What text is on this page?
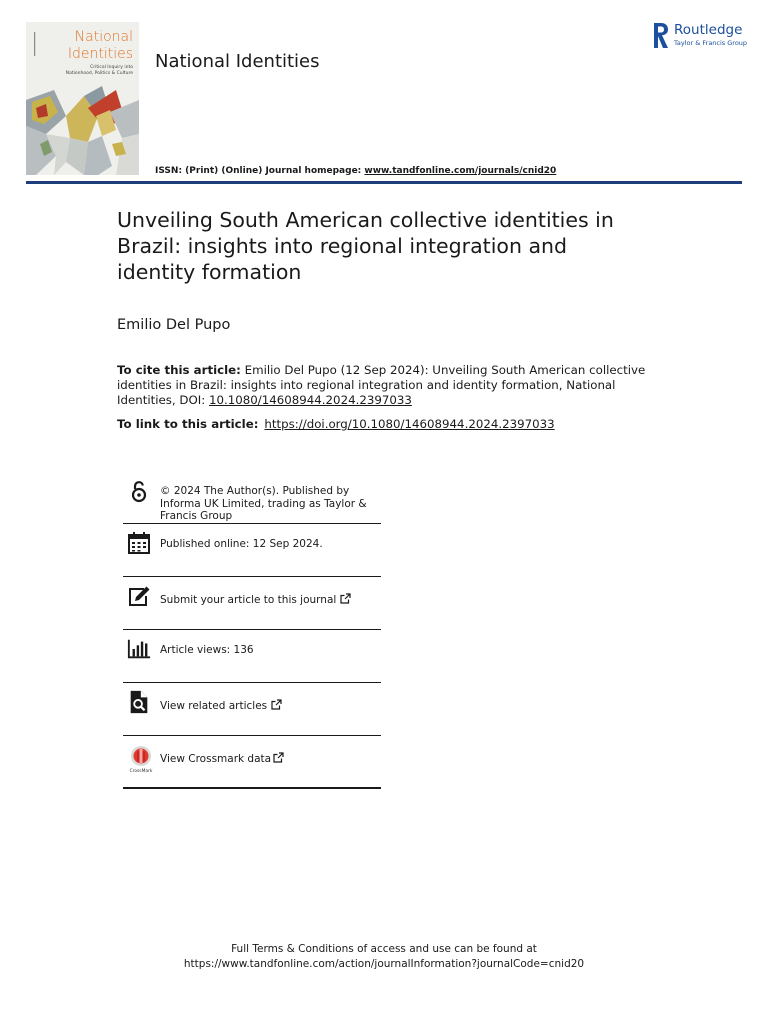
National
Identities
Critical Inquiry into
Nationhood, Politics & Culture
National Identities
Routledge
Taylor & Francis Group
ISSN: (Print) (Online) Journal homepage: www.tandfonline.com/journals/cnid20
Unveiling South American collective identities in Brazil: insights into regional integration and identity formation
Emilio Del Pupo
To cite this article: Emilio Del Pupo (12 Sep 2024): Unveiling South American collective identities in Brazil: insights into regional integration and identity formation, National Identities, DOI: 10.1080/14608944.2024.2397033
To link to this article: https://doi.org/10.1080/14608944.2024.2397033
© 2024 The Author(s). Published by Informa UK Limited, trading as Taylor & Francis Group
Published online: 12 Sep 2024.
Submit your article to this journal
Article views: 136
View related articles
CrossMark
View Crossmark data
Full Terms & Conditions of access and use can be found at
https://www.tandfonline.com/action/journalInformation?journalCode=cnid20
